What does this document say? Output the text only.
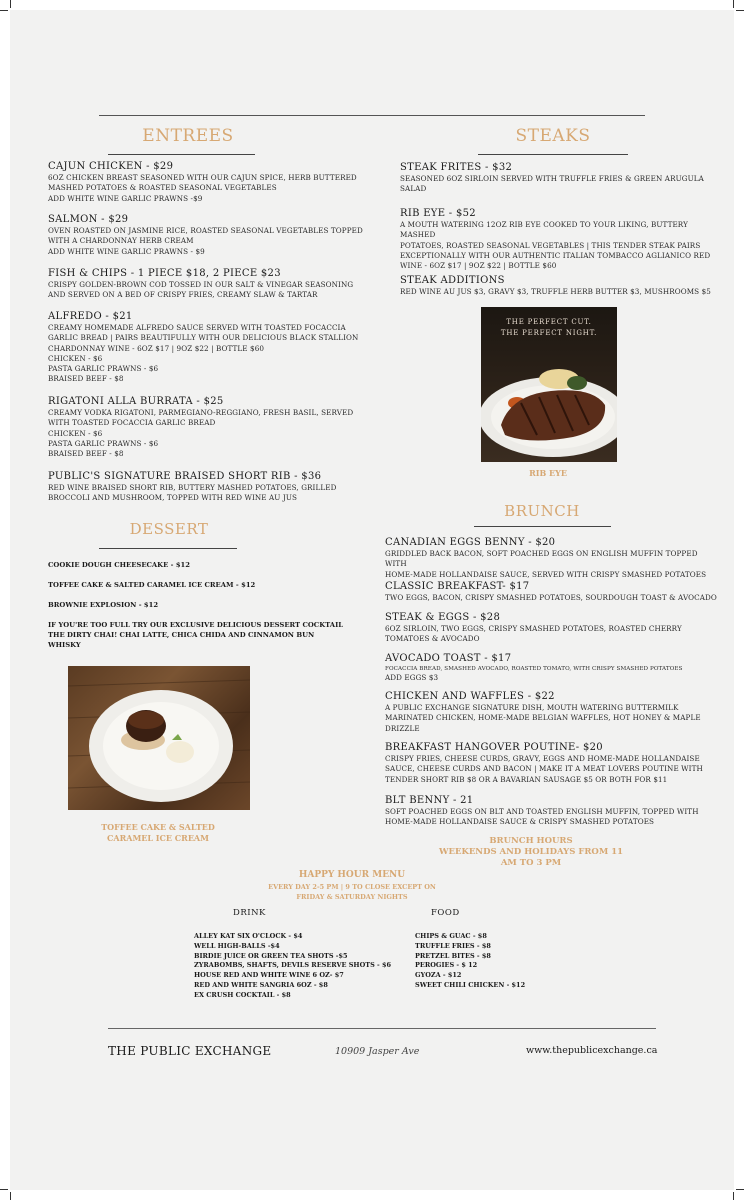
ENTREES
CAJUN CHICKEN - $29
6OZ CHICKEN BREAST SEASONED WITH OUR CAJUN SPICE, HERB BUTTERED
MASHED POTATOES & ROASTED SEASONAL VEGETABLES
ADD WHITE WINE GARLIC PRAWNS -$9
SALMON - $29
OVEN ROASTED ON JASMINE RICE, ROASTED SEASONAL VEGETABLES TOPPED
WITH A CHARDONNAY HERB CREAM
ADD WHITE WINE GARLIC PRAWNS - $9
FISH & CHIPS - 1 PIECE $18, 2 PIECE $23
CRISPY GOLDEN-BROWN COD TOSSED IN OUR SALT & VINEGAR SEASONING
AND SERVED ON A BED OF CRISPY FRIES, CREAMY SLAW & TARTAR
ALFREDO - $21
CREAMY HOMEMADE ALFREDO SAUCE SERVED WITH TOASTED FOCACCIA
GARLIC BREAD | PAIRS BEAUTIFULLY WITH OUR DELICIOUS BLACK STALLION
CHARDONNAY WINE - 6OZ $17 | 9OZ $22 | BOTTLE $60
CHICKEN - $6
PASTA GARLIC PRAWNS - $6
BRAISED BEEF - $8
RIGATONI ALLA BURRATA - $25
CREAMY VODKA RIGATONI, PARMEGIANO-REGGIANO, FRESH BASIL, SERVED
WITH TOASTED FOCACCIA GARLIC BREAD
CHICKEN - $6
PASTA GARLIC PRAWNS - $6
BRAISED BEEF - $8
PUBLIC'S SIGNATURE BRAISED SHORT RIB - $36
RED WINE BRAISED SHORT RIB, BUTTERY MASHED POTATOES, GRILLED
BROCCOLI AND MUSHROOM, TOPPED WITH RED WINE AU JUS
DESSERT
COOKIE DOUGH CHEESECAKE - $12
TOFFEE CAKE & SALTED CARAMEL ICE CREAM - $12
BROWNIE EXPLOSION - $12
IF YOU'RE TOO FULL TRY OUR EXCLUSIVE DELICIOUS DESSERT COCKTAIL
THE DIRTY CHAI! CHAI LATTE, CHICA CHIDA AND CINNAMON BUN
WHISKY
TOFFEE CAKE & SALTED
CARAMEL ICE CREAM
STEAKS
STEAK FRITES - $32
SEASONED 6OZ SIRLOIN SERVED WITH TRUFFLE FRIES & GREEN ARUGULA
SALAD
RIB EYE - $52
A MOUTH WATERING 12OZ RIB EYE COOKED TO YOUR LIKING, BUTTERY MASHED
POTATOES, ROASTED SEASONAL VEGETABLES | THIS TENDER STEAK PAIRS
EXCEPTIONALLY WITH OUR AUTHENTIC ITALIAN TOMBACCO AGLIANICO RED
WINE - 6OZ $17 | 9OZ $22 | BOTTLE $60
STEAK ADDITIONS
RED WINE AU JUS $3, GRAVY $3, TRUFFLE HERB BUTTER $3, MUSHROOMS $5
THE PERFECT CUT.
THE PERFECT NIGHT.
RIB EYE
BRUNCH
CANADIAN EGGS BENNY - $20
GRIDDLED BACK BACON, SOFT POACHED EGGS ON ENGLISH MUFFIN TOPPED WITH
HOME-MADE HOLLANDAISE SAUCE, SERVED WITH CRISPY SMASHED POTATOES
CLASSIC BREAKFAST- $17
TWO EGGS, BACON, CRISPY SMASHED POTATOES, SOURDOUGH TOAST & AVOCADO
STEAK & EGGS - $28
6OZ SIRLOIN, TWO EGGS, CRISPY SMASHED POTATOES, ROASTED CHERRY
TOMATOES & AVOCADO
AVOCADO TOAST - $17
FOCACCIA BREAD, SMASHED AVOCADO, ROASTED TOMATO, WITH CRISPY SMASHED POTATOES
ADD EGGS $3
CHICKEN AND WAFFLES - $22
A PUBLIC EXCHANGE SIGNATURE DISH, MOUTH WATERING BUTTERMILK
MARINATED CHICKEN, HOME-MADE BELGIAN WAFFLES, HOT HONEY & MAPLE
DRIZZLE
BREAKFAST HANGOVER POUTINE- $20
CRISPY FRIES, CHEESE CURDS, GRAVY, EGGS AND HOME-MADE HOLLANDAISE
SAUCE, CHEESE CURDS AND BACON | MAKE IT A MEAT LOVERS POUTINE WITH
TENDER SHORT RIB $8 OR A BAVARIAN SAUSAGE $5 OR BOTH FOR $11
BLT BENNY - 21
SOFT POACHED EGGS ON BLT AND TOASTED ENGLISH MUFFIN, TOPPED WITH
HOME-MADE HOLLANDAISE SAUCE & CRISPY SMASHED POTATOES
BRUNCH HOURS
WEEKENDS AND HOLIDAYS FROM 11
AM TO 3 PM
HAPPY HOUR MENU
EVERY DAY 2-5 PM | 9 TO CLOSE EXCEPT ON
FRIDAY & SATURDAY NIGHTS
DRINK	FOOD
ALLEY KAT SIX O'CLOCK - $4
WELL HIGH-BALLS -$4
BIRDIE JUICE OR GREEN TEA SHOTS -$5
ZYRABOMBS, SHAFTS, DEVILS RESERVE SHOTS - $6
HOUSE RED AND WHITE WINE 6 OZ- $7
RED AND WHITE SANGRIA 6OZ - $8
EX CRUSH COCKTAIL - $8
CHIPS & GUAC - $8
TRUFFLE FRIES - $8
PRETZEL BITES - $8
PEROGIES - $ 12
GYOZA - $12
SWEET CHILI CHICKEN - $12
THE PUBLIC EXCHANGE	10909 Jasper Ave	www.thepublicexchange.ca
